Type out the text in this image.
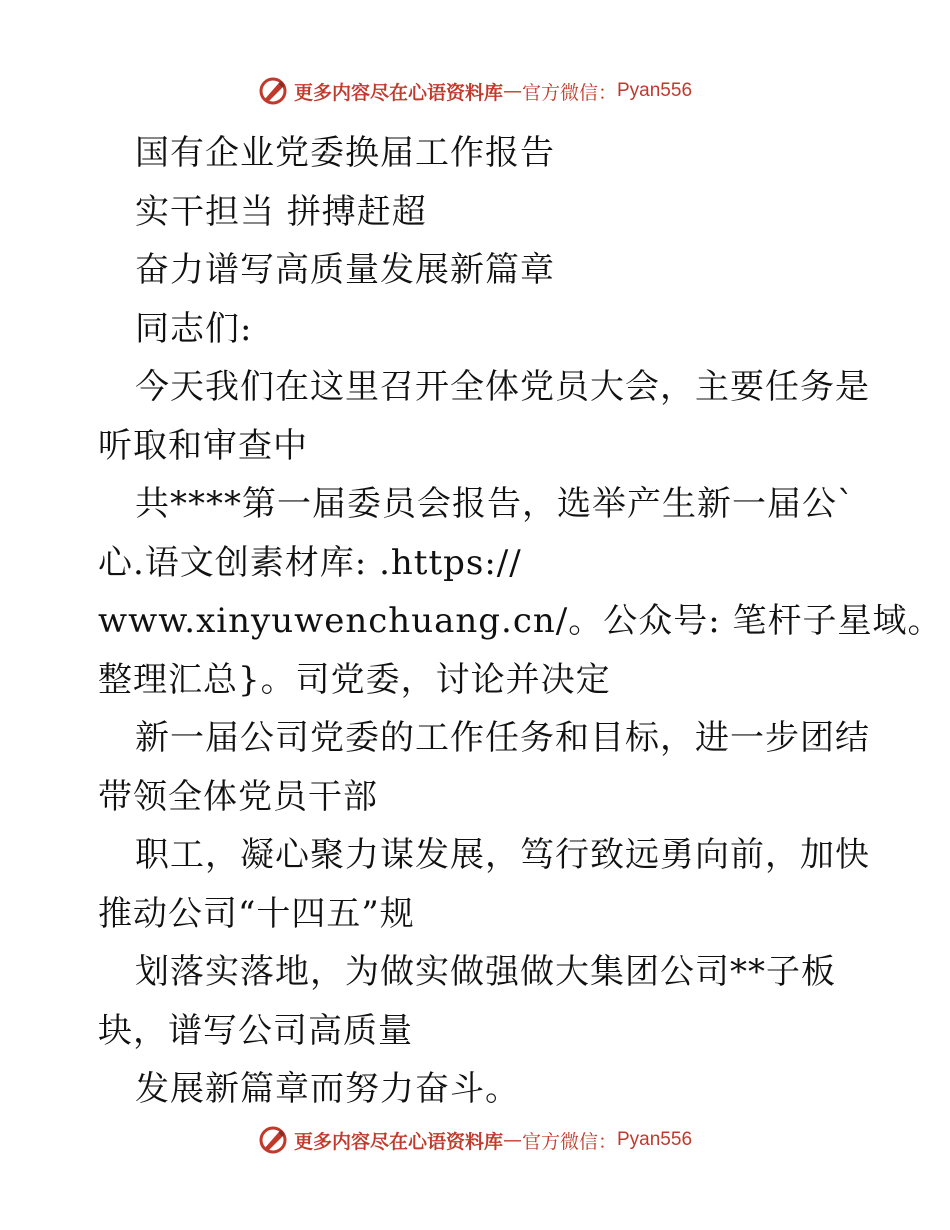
更多内容尽在心语资料库 — 官方微信： Pyan556
国有企业党委换届工作报告
实干担当 拼搏赶超
奋力谱写高质量发展新篇章
同志们:
今天我们在这里召开全体党员大会，主要任务是
听取和审查中
共****第一届委员会报告，选举产生新一届公`
心.语文创素材库: .https://
www.xinyuwenchuang.cn/。公众号: 笔杆子星域。
整理汇总}。司党委，讨论并决定
新一届公司党委的工作任务和目标，进一步团结
带领全体党员干部
职工，凝心聚力谋发展，笃行致远勇向前，加快
推动公司“十四五”规
划落实落地，为做实做强做大集团公司**子板
块，谱写公司高质量
发展新篇章而努力奋斗。
更多内容尽在心语资料库 — 官方微信： Pyan556
